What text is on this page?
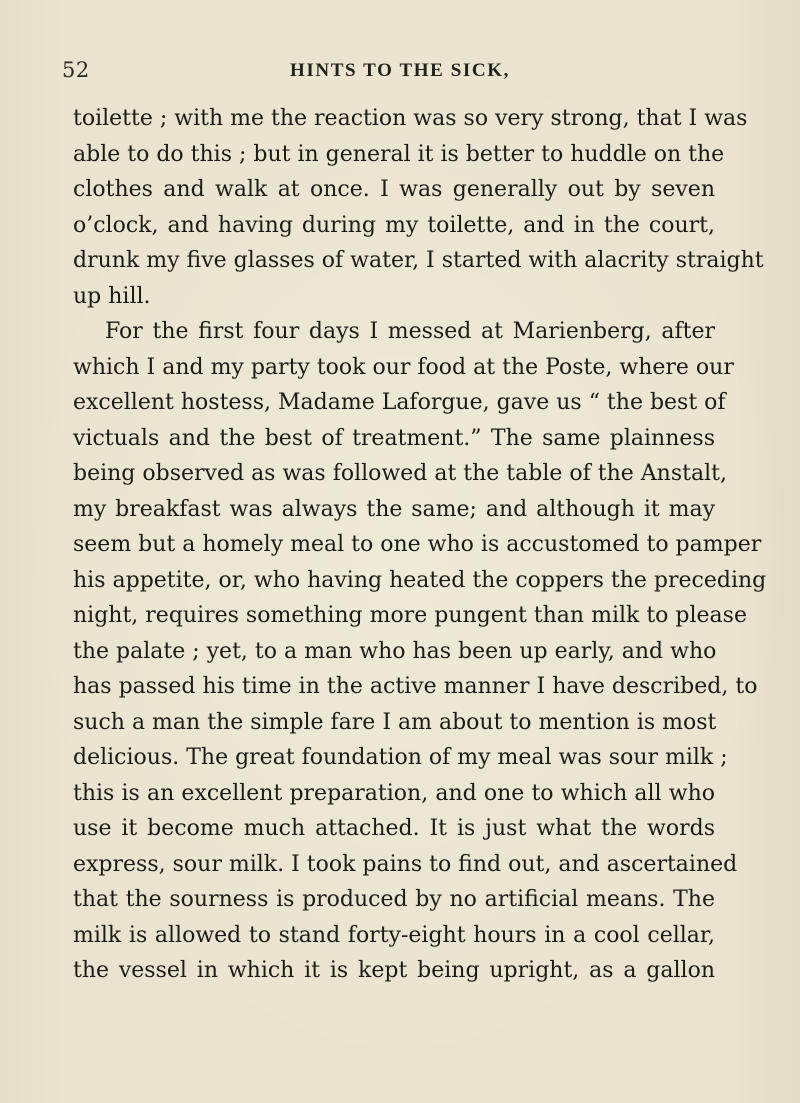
52	HINTS TO THE SICK,
toilette ; with me the reaction was so very strong, that I was
able to do this ; but in general it is better to huddle on the
clothes and walk at once. I was generally out by seven
o’clock, and having during my toilette, and in the court,
drunk my five glasses of water, I started with alacrity straight
up hill.
For the first four days I messed at Marienberg, after
which I and my party took our food at the Poste, where our
excellent hostess, Madame Laforgue, gave us “ the best of
victuals and the best of treatment.” The same plainness
being observed as was followed at the table of the Anstalt,
my breakfast was always the same; and although it may
seem but a homely meal to one who is accustomed to pamper
his appetite, or, who having heated the coppers the preceding
night, requires something more pungent than milk to please
the palate ; yet, to a man who has been up early, and who
has passed his time in the active manner I have described, to
such a man the simple fare I am about to mention is most
delicious. The great foundation of my meal was sour milk ;
this is an excellent preparation, and one to which all who
use it become much attached. It is just what the words
express, sour milk. I took pains to find out, and ascertained
that the sourness is produced by no artificial means. The
milk is allowed to stand forty-eight hours in a cool cellar,
the vessel in which it is kept being upright, as a gallon
